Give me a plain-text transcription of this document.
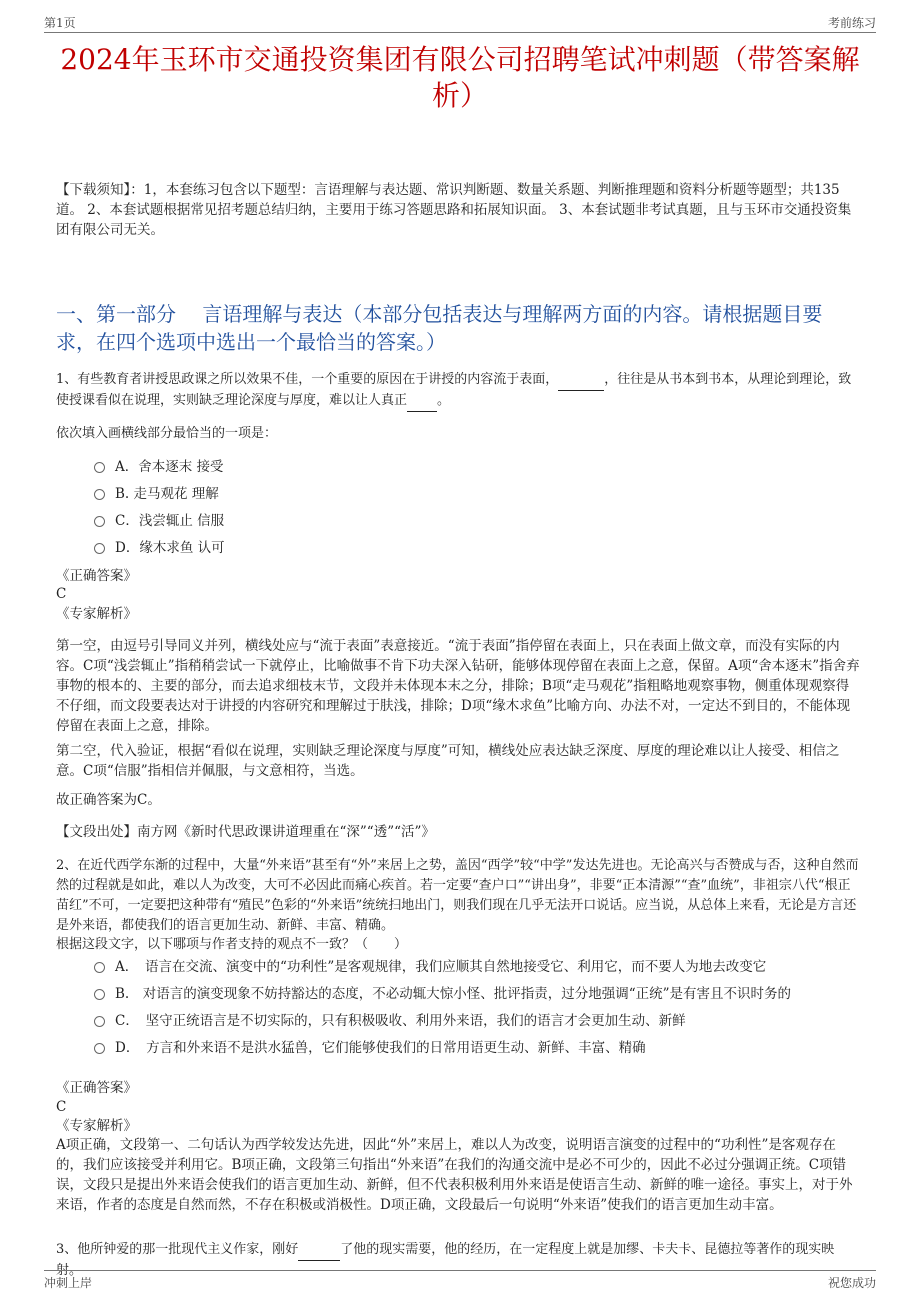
第1页	考前练习
2024年玉环市交通投资集团有限公司招聘笔试冲刺题（带答案解析）
【下载须知】：1，本套练习包含以下题型：言语理解与表达题、常识判断题、数量关系题、判断推理题和资料分析题等题型；共135道。 2、本套试题根据常见招考题总结归纳，主要用于练习答题思路和拓展知识面。 3、本套试题非考试真题，且与玉环市交通投资集团有限公司无关。
一、第一部分　 言语理解与表达（本部分包括表达与理解两方面的内容。请根据题目要求，在四个选项中选出一个最恰当的答案。）
1、有些教育者讲授思政课之所以效果不佳，一个重要的原因在于讲授的内容流于表面，	，往往是从书本到书本，从理论到理论，致使授课看似在说理，实则缺乏理论深度与厚度，难以让人真正 。
依次填入画横线部分最恰当的一项是：
A．舍本逐末 接受
B. 走马观花 理解
C．浅尝辄止 信服
D．缘木求鱼 认可
《正确答案》
C
《专家解析》
第一空，由逗号引导同义并列，横线处应与“流于表面”表意接近。“流于表面”指停留在表面上，只在表面上做文章，而没有实际的内容。C项“浅尝辄止”指稍稍尝试一下就停止，比喻做事不肯下功夫深入钻研，能够体现停留在表面上之意，保留。A项“舍本逐末”指舍弃事物的根本的、主要的部分，而去追求细枝末节，文段并未体现本末之分，排除；B项“走马观花”指粗略地观察事物，侧重体现观察得不仔细，而文段要表达对于讲授的内容研究和理解过于肤浅，排除；D项“缘木求鱼”比喻方向、办法不对，一定达不到目的，不能体现停留在表面上之意，排除。
第二空，代入验证，根据“看似在说理，实则缺乏理论深度与厚度”可知，横线处应表达缺乏深度、厚度的理论难以让人接受、相信之意。C项“信服”指相信并佩服，与文意相符，当选。
故正确答案为C。
【文段出处】南方网《新时代思政课讲道理重在“深”“透”“活”》
2、在近代西学东渐的过程中，大量“外来语”甚至有“外”来居上之势，盖因“西学”较“中学”发达先进也。无论高兴与否赞成与否，这种自然而然的过程就是如此，难以人为改变，大可不必因此而痛心疾首。若一定要“查户口”“讲出身”，非要“正本清源”“查”血统”，非祖宗八代“根正苗红”不可，一定要把这种带有“殖民”色彩的“外来语”统统扫地出门，则我们现在几乎无法开口说话。应当说，从总体上来看，无论是方言还是外来语，都使我们的语言更加生动、新鲜、丰富、精确。
根据这段文字，以下哪项与作者支持的观点不一致？（　　）
A．　语言在交流、演变中的“功利性”是客观规律，我们应顺其自然地接受它、利用它，而不要人为地去改变它
B.　对语言的演变现象不妨持豁达的态度，不必动辄大惊小怪、批评指责，过分地强调“正统”是有害且不识时务的
C．　坚守正统语言是不切实际的，只有积极吸收、利用外来语，我们的语言才会更加生动、新鲜
D．　方言和外来语不是洪水猛兽，它们能够使我们的日常用语更生动、新鲜、丰富、精确
《正确答案》
C
《专家解析》
A项正确，文段第一、二句话认为西学较发达先进，因此“外”来居上，难以人为改变，说明语言演变的过程中的“功利性”是客观存在的，我们应该接受并利用它。B项正确，文段第三句指出“外来语”在我们的沟通交流中是必不可少的，因此不必过分强调正统。C项错误，文段只是提出外来语会使我们的语言更加生动、新鲜，但不代表积极利用外来语是使语言生动、新鲜的唯一途径。事实上，对于外来语，作者的态度是自然而然，不存在积极或消极性。D项正确，文段最后一句说明“外来语”使我们的语言更加生动丰富。
3、他所钟爱的那一批现代主义作家，刚好	了他的现实需要，他的经历，在一定程度上就是加缪、卡夫卡、昆德拉等著作的现实映射。
冲刺上岸	祝您成功
